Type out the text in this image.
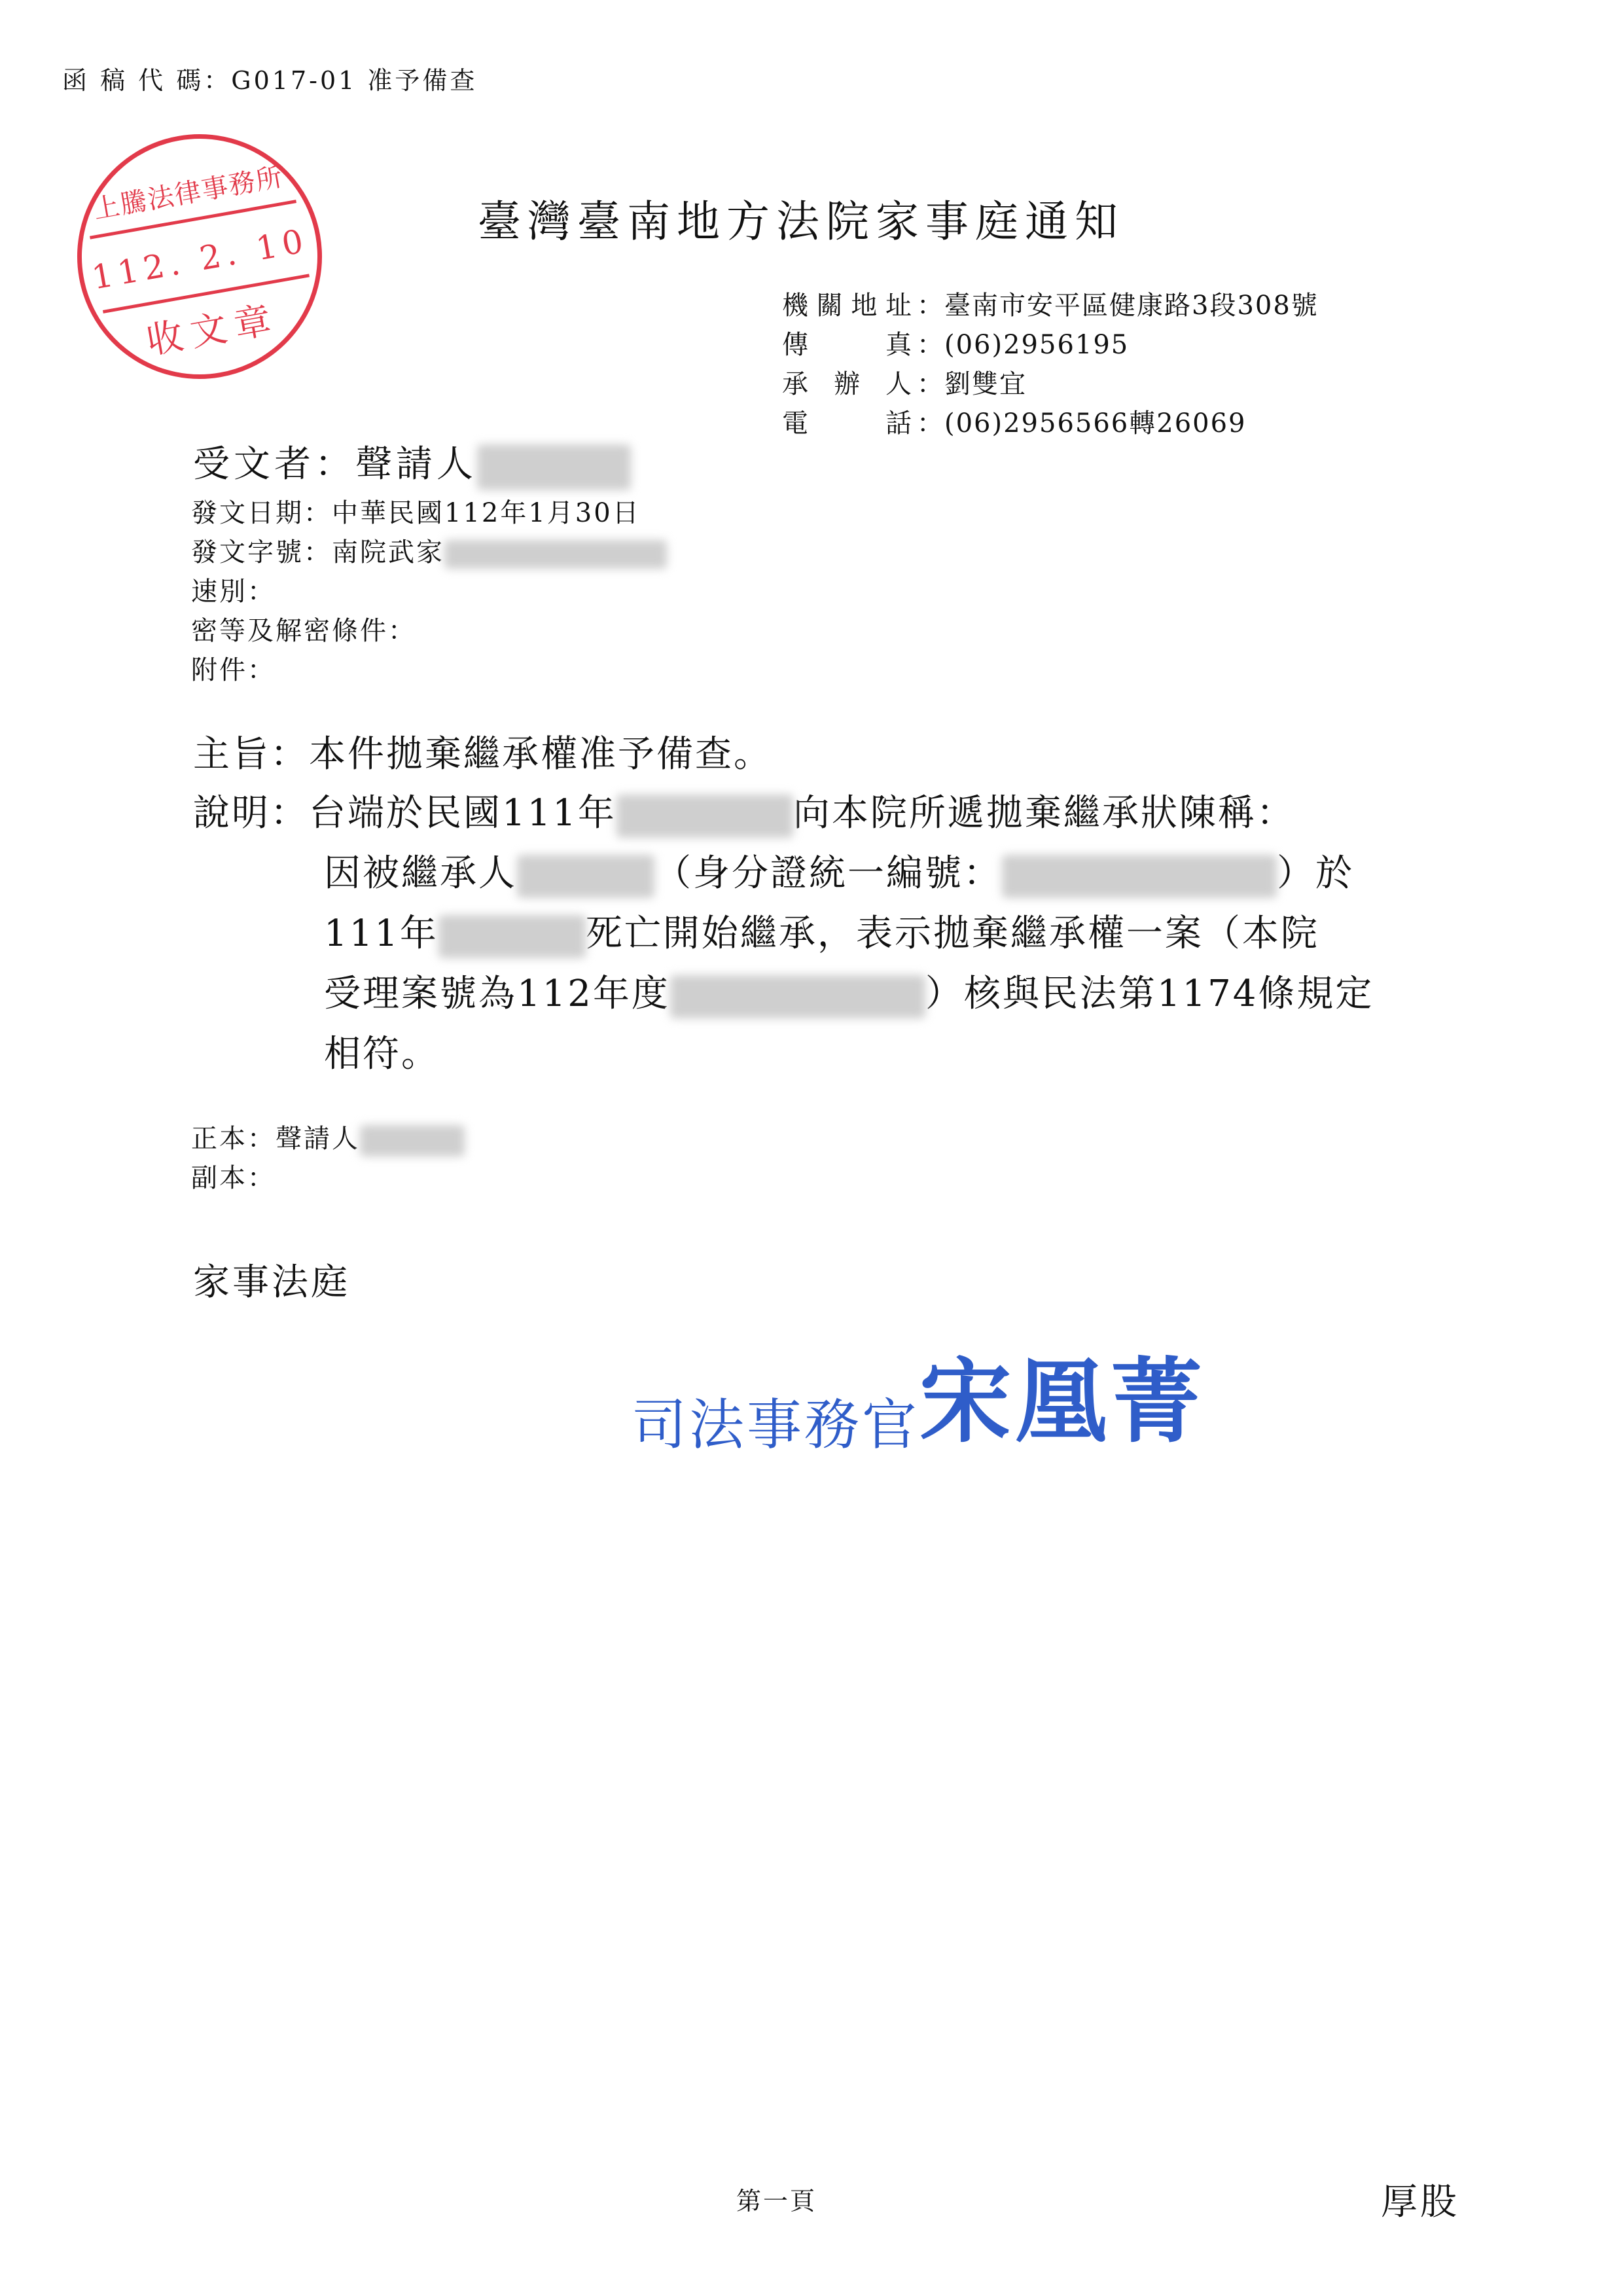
函 稿 代 碼：G017-01 准予備查
上騰法律事務所
112. 2. 10
收文章
臺灣臺南地方法院家事庭通知
機關地址 ：臺南市安平區健康路3段308號
傳真 ：(06)2956195
承辦人 ：劉雙宜
電話 ：(06)2956566轉26069
受文者：聲請人
發文日期：中華民國112年1月30日
發文字號：南院武家
速別：
密等及解密條件：
附件：
主旨：本件拋棄繼承權准予備查。
說明：台端於民國111年	向本院所遞拋棄繼承狀陳稱：
因被繼承人	（身分證統一編號：	）於
111年	死亡開始繼承，表示拋棄繼承權一案（本院
受理案號為112年度	）核與民法第1174條規定
相符。
正本：聲請人
副本：
家事法庭
司法事務官宋凰菁
第一頁	厚股
